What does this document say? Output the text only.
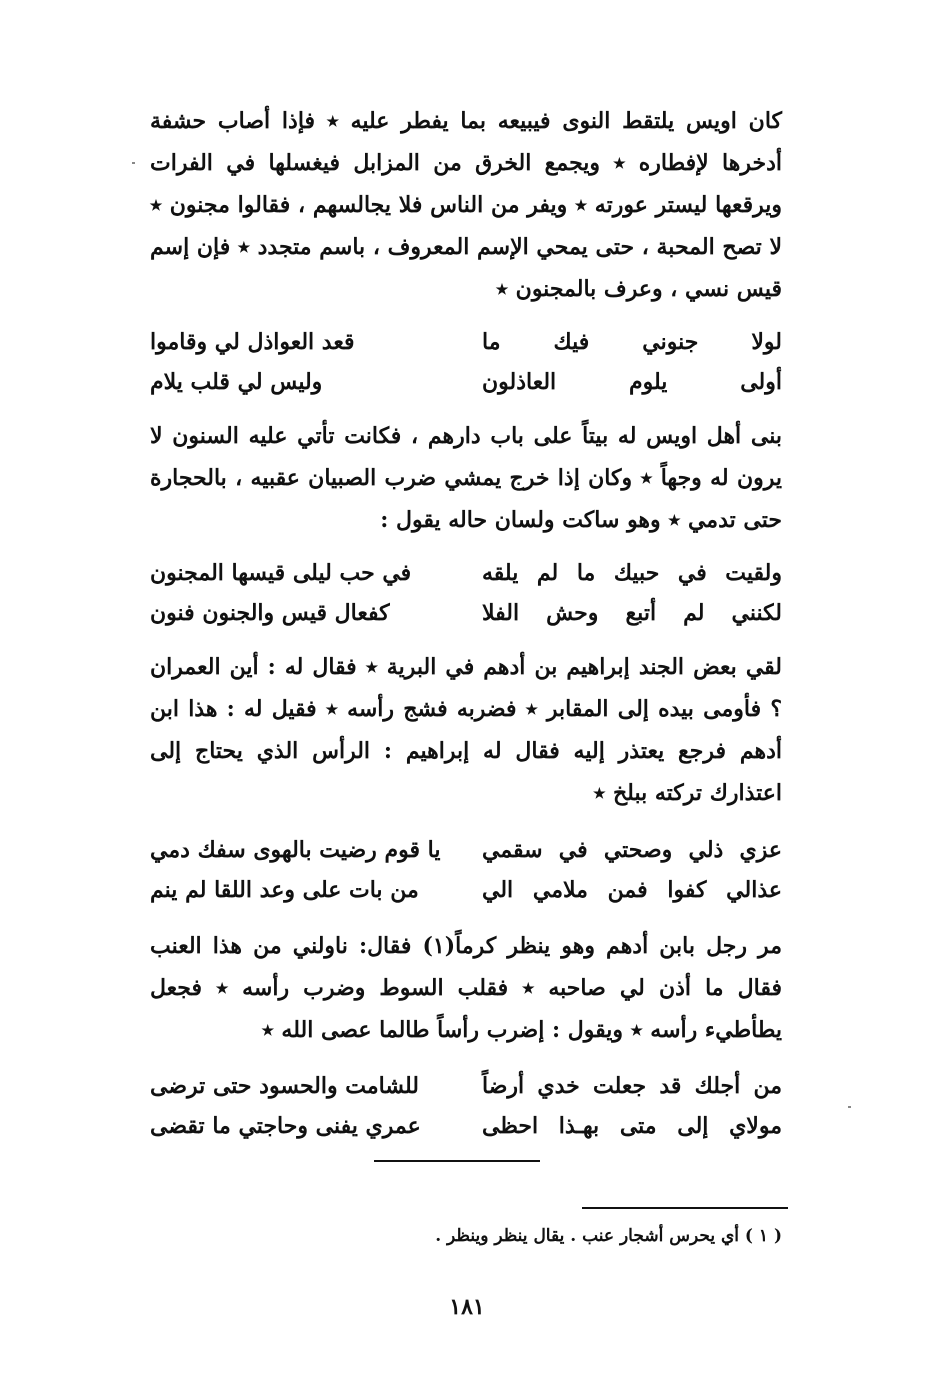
كان اويس يلتقط النوى فيبيعه بما يفطر عليه ٭ فإذا أصاب حشفة أدخرها لإفطاره ٭ ويجمع الخرق من المزابل فيغسلها في الفرات ويرقعها ليستر عورته ٭ ويفر من الناس فلا يجالسهم ، فقالوا مجنون ٭ لا تصح المحبة ، حتى يمحي الإسم المعروف ، باسم متجدد ٭ فإن إسم قيس نسي ، وعرف بالمجنون ٭

لولا جنوني فيك ما
قعد العواذل لي وقاموا
أولى يلوم العاذلون
وليس لي قلب يلام

بنى أهل اويس له بيتاً على باب دارهم ، فكانت تأتي عليه السنون لا يرون له وجهاً ٭ وكان إذا خرج يمشي ضرب الصبيان عقبيه ، بالحجارة حتى تدمي ٭ وهو ساكت ولسان حاله يقول :

ولقيت في حبيك ما لم يلقه
في حب ليلى قيسها المجنون
لكنني لم أتبع وحش الفلا
كفعال قيس والجنون فنون

لقي بعض الجند إبراهيم بن أدهم في البرية ٭ فقال له : أين العمران ؟ فأومى بيده إلى المقابر ٭ فضربه فشج رأسه ٭ فقيل له : هذا ابن أدهم فرجع يعتذر إليه فقال له إبراهيم : الرأس الذي يحتاج إلى اعتذارك تركته ببلخ ٭

عزي ذلي وصحتي في سقمي
يا قوم رضيت بالهوى سفك دمي
عذالي كفوا فمن ملامي الي
من بات على وعد اللقا لم ينم

مر رجل بابن أدهم وهو ينظر كرماً(١) فقال: ناولني من هذا العنب فقال ما أذن لي صاحبه ٭ فقلب السوط وضرب رأسه ٭ فجعل يطأطيء رأسه ٭ ويقول : إضرب رأساً طالما عصى الله ٭

من أجلك قد جعلت خدي أرضاً
للشامت والحسود حتى ترضى
مولاي إلى متى بهـذا احظى
عمري يفنى وحاجتي ما تقضى
( ١ ) أي يحرس أشجار عنب . يقال ينظر وينظر .
١٨١
